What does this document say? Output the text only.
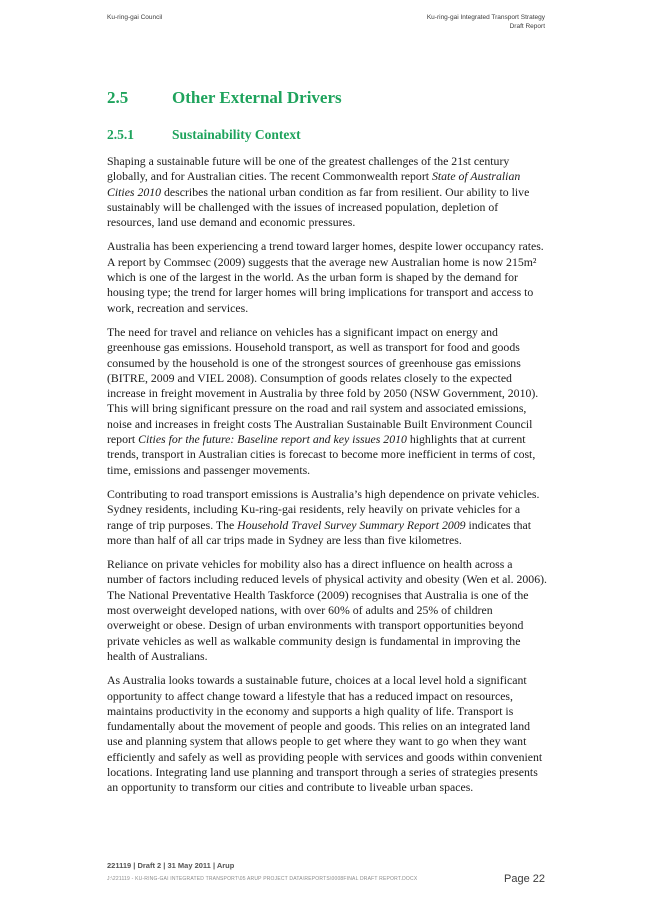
Ku-ring-gai Council	Ku-ring-gai Integrated Transport Strategy
Draft Report
2.5	Other External Drivers
2.5.1	Sustainability Context

Shaping a sustainable future will be one of the greatest challenges of the 21st century globally, and for Australian cities. The recent Commonwealth report State of Australian Cities 2010 describes the national urban condition as far from resilient. Our ability to live sustainably will be challenged with the issues of increased population, depletion of resources, land use demand and economic pressures.

Australia has been experiencing a trend toward larger homes, despite lower occupancy rates. A report by Commsec (2009) suggests that the average new Australian home is now 215m² which is one of the largest in the world. As the urban form is shaped by the demand for housing type; the trend for larger homes will bring implications for transport and access to work, recreation and services.

The need for travel and reliance on vehicles has a significant impact on energy and greenhouse gas emissions. Household transport, as well as transport for food and goods consumed by the household is one of the strongest sources of greenhouse gas emissions (BITRE, 2009 and VIEL 2008). Consumption of goods relates closely to the expected increase in freight movement in Australia by three fold by 2050 (NSW Government, 2010). This will bring significant pressure on the road and rail system and associated emissions, noise and increases in freight costs The Australian Sustainable Built Environment Council report Cities for the future: Baseline report and key issues 2010 highlights that at current trends, transport in Australian cities is forecast to become more inefficient in terms of cost, time, emissions and passenger movements.

Contributing to road transport emissions is Australia’s high dependence on private vehicles. Sydney residents, including Ku-ring-gai residents, rely heavily on private vehicles for a range of trip purposes. The Household Travel Survey Summary Report 2009 indicates that more than half of all car trips made in Sydney are less than five kilometres.

Reliance on private vehicles for mobility also has a direct influence on health across a number of factors including reduced levels of physical activity and obesity (Wen et al. 2006). The National Preventative Health Taskforce (2009) recognises that Australia is one of the most overweight developed nations, with over 60% of adults and 25% of children overweight or obese. Design of urban environments with transport opportunities beyond private vehicles as well as walkable community design is fundamental in improving the health of Australians.

As Australia looks towards a sustainable future, choices at a local level hold a significant opportunity to affect change toward a lifestyle that has a reduced impact on resources, maintains productivity in the economy and supports a high quality of life. Transport is fundamentally about the movement of people and goods. This relies on an integrated land use and planning system that allows people to get where they want to go when they want efficiently and safely as well as providing people with services and goods within convenient locations. Integrating land use planning and transport through a series of strategies presents an opportunity to transform our cities and contribute to liveable urban spaces.

221119 | Draft 2 | 31 May 2011 | Arup
J:\221119 - KU-RING-GAI INTEGRATED TRANSPORT\05 ARUP PROJECT DATA\REPORTS\0008FINAL DRAFT REPORT.DOCX	Page 22
